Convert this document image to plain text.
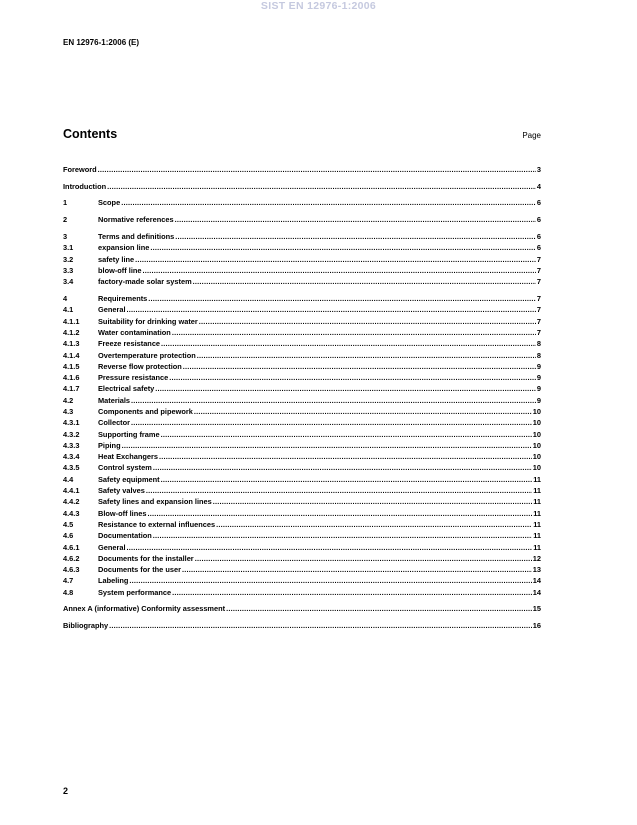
SIST EN 12976-1:2006
EN 12976-1:2006 (E)
Contents	Page
Foreword .....	3
Introduction .....	4
1	Scope .....	6
2	Normative references .....	6
3	Terms and definitions .....	6
3.1	expansion line .....	6
3.2	safety line .....	7
3.3	blow-off line .....	7
3.4	factory-made solar system .....	7
4	Requirements .....	7
4.1	General .....	7
4.1.1	Suitability for drinking water .....	7
4.1.2	Water contamination .....	7
4.1.3	Freeze resistance .....	8
4.1.4	Overtemperature protection .....	8
4.1.5	Reverse flow protection .....	9
4.1.6	Pressure resistance .....	9
4.1.7	Electrical safety .....	9
4.2	Materials .....	9
4.3	Components and pipework .....	10
4.3.1	Collector .....	10
4.3.2	Supporting frame .....	10
4.3.3	Piping .....	10
4.3.4	Heat Exchangers .....	10
4.3.5	Control system .....	10
4.4	Safety equipment .....	11
4.4.1	Safety valves .....	11
4.4.2	Safety lines and expansion lines .....	11
4.4.3	Blow-off lines .....	11
4.5	Resistance to external influences .....	11
4.6	Documentation .....	11
4.6.1	General .....	11
4.6.2	Documents for the installer .....	12
4.6.3	Documents for the user .....	13
4.7	Labeling .....	14
4.8	System performance .....	14
Annex A (informative) Conformity assessment .....	15
Bibliography .....	16
2
